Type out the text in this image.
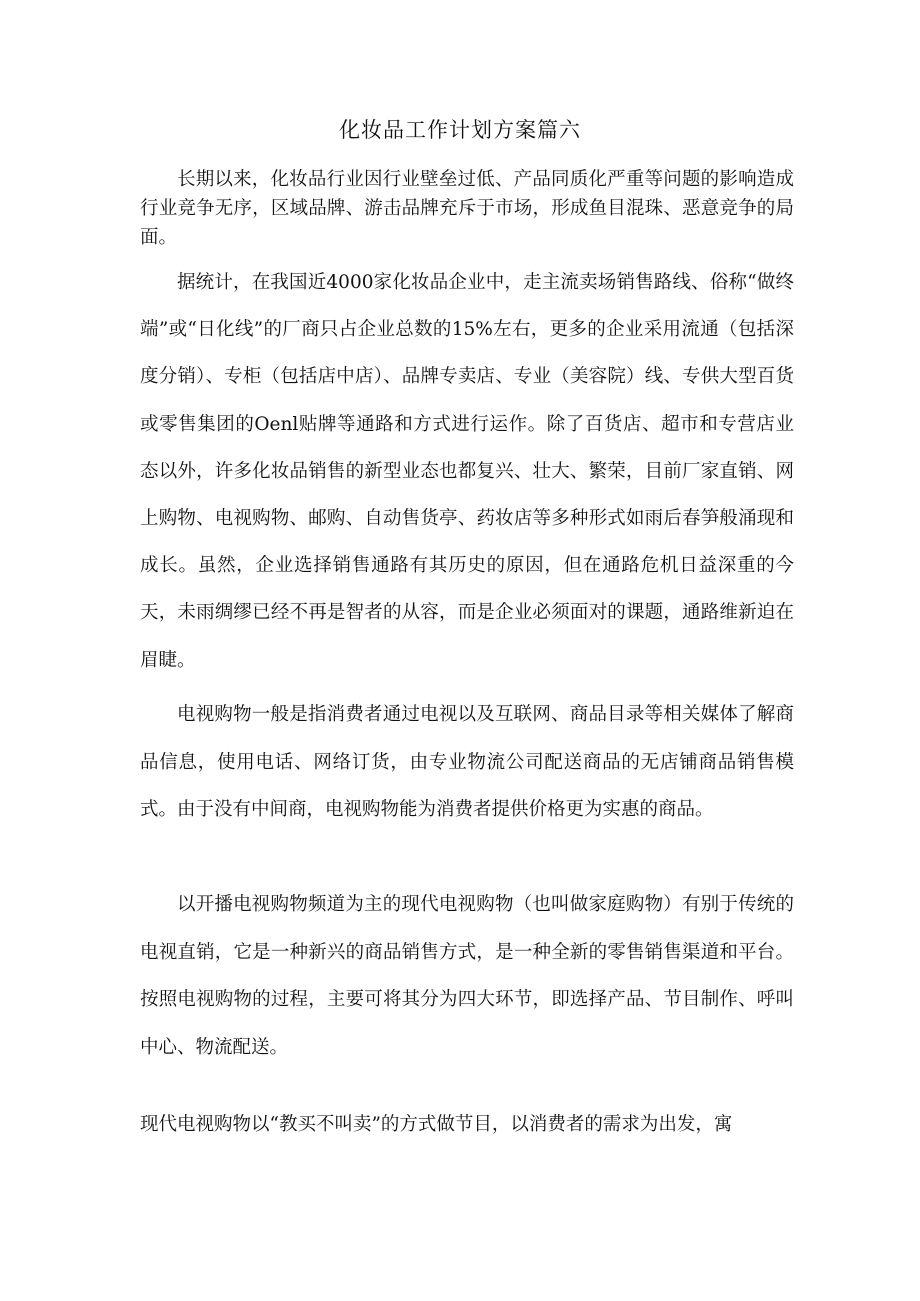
化妆品工作计划方案篇六

长期以来，化妆品行业因行业壁垒过低、产品同质化严重等问题的影响造成行业竞争无序，区域品牌、游击品牌充斥于市场，形成鱼目混珠、恶意竞争的局面。

据统计，在我国近4000家化妆品企业中，走主流卖场销售路线、俗称“做终端”或“日化线”的厂商只占企业总数的15%左右，更多的企业采用流通（包括深度分销）、专柜（包括店中店）、品牌专卖店、专业（美容院）线、专供大型百货或零售集团的Oenl贴牌等通路和方式进行运作。除了百货店、超市和专营店业态以外，许多化妆品销售的新型业态也都复兴、壮大、繁荣，目前厂家直销、网上购物、电视购物、邮购、自动售货亭、药妆店等多种形式如雨后春笋般涌现和成长。虽然，企业选择销售通路有其历史的原因，但在通路危机日益深重的今天，未雨绸缪已经不再是智者的从容，而是企业必须面对的课题，通路维新迫在眉睫。

电视购物一般是指消费者通过电视以及互联网、商品目录等相关媒体了解商品信息，使用电话、网络订货，由专业物流公司配送商品的无店铺商品销售模式。由于没有中间商，电视购物能为消费者提供价格更为实惠的商品。

以开播电视购物频道为主的现代电视购物（也叫做家庭购物）有别于传统的电视直销，它是一种新兴的商品销售方式，是一种全新的零售销售渠道和平台。按照电视购物的过程，主要可将其分为四大环节，即选择产品、节目制作、呼叫中心、物流配送。

现代电视购物以“教买不叫卖”的方式做节目，以消费者的需求为出发，寓
